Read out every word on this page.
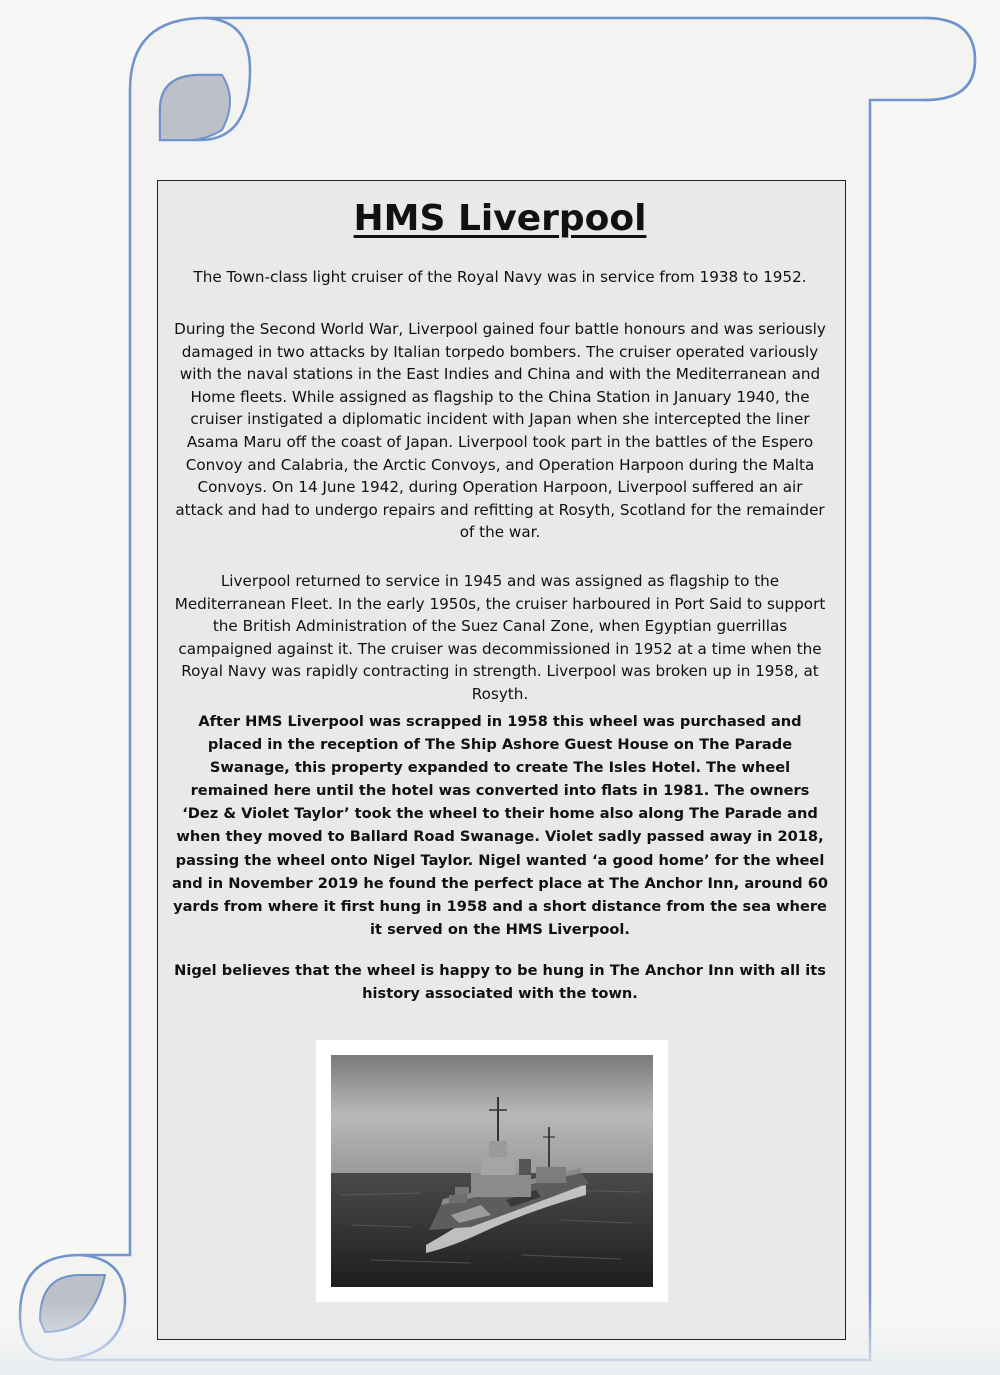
HMS Liverpool

The Town-class light cruiser of the Royal Navy was in service from 1938 to 1952.

During the Second World War, Liverpool gained four battle honours and was seriously damaged in two attacks by Italian torpedo bombers. The cruiser operated variously with the naval stations in the East Indies and China and with the Mediterranean and Home fleets. While assigned as flagship to the China Station in January 1940, the cruiser instigated a diplomatic incident with Japan when she intercepted the liner Asama Maru off the coast of Japan. Liverpool took part in the battles of the Espero Convoy and Calabria, the Arctic Convoys, and Operation Harpoon during the Malta Convoys. On 14 June 1942, during Operation Harpoon, Liverpool suffered an air attack and had to undergo repairs and refitting at Rosyth, Scotland for the remainder of the war.

Liverpool returned to service in 1945 and was assigned as flagship to the Mediterranean Fleet. In the early 1950s, the cruiser harboured in Port Said to support the British Administration of the Suez Canal Zone, when Egyptian guerrillas campaigned against it. The cruiser was decommissioned in 1952 at a time when the Royal Navy was rapidly contracting in strength. Liverpool was broken up in 1958, at Rosyth.

After HMS Liverpool was scrapped in 1958 this wheel was purchased and placed in the reception of The Ship Ashore Guest House on The Parade Swanage, this property expanded to create The Isles Hotel. The wheel remained here until the hotel was converted into flats in 1981. The owners ‘Dez & Violet Taylor’ took the wheel to their home also along The Parade and when they moved to Ballard Road Swanage. Violet sadly passed away in 2018, passing the wheel onto Nigel Taylor. Nigel wanted ‘a good home’ for the wheel and in November 2019 he found the perfect place at The Anchor Inn, around 60 yards from where it first hung in 1958 and a short distance from the sea where it served on the HMS Liverpool.

Nigel believes that the wheel is happy to be hung in The Anchor Inn with all its history associated with the town.
